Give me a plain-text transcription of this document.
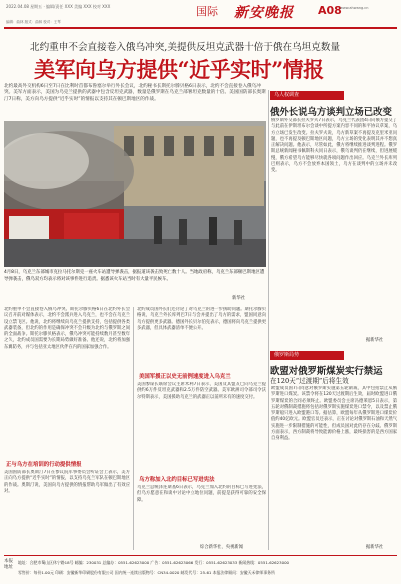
2022.04.08 星期五 · 编辑/责任 XXX 美编 XXX 校对 XXX	国际 新安晚报 A08
编辑：曲林 版式：曲林 校对：王琴
www.ahwang.cn
北约重申不会直接卷入俄乌冲突,美提供反坦克武器十倍于俄在乌坦克数量
美军向乌方提供“近乎实时”情报
北约最高外交机构6日至7日在比利时首都布鲁塞尔举行外长会议，北约秘书长斯托尔滕贝格6日表示，北约不会直接卷入俄乌冲突。美军方面表示，美国为乌克兰提供的武器中包含反坦克武器，数量是俄罗斯在乌克兰部署坦克数量的十倍。美国国防部长奥斯汀7日称，美方向乌方提供“近乎实时”的情报以支持其在顿巴斯地区的作战。
4月8日，乌克兰东部城市克拉马托尔斯克一座火车站遭导弹袭击，据报道该袭击致死亡数十人。当地政府称，乌克兰东部顿巴斯地区遭导弹袭击，俄乌双方均表示将对该事件进行追责。据悉该火车站当时有大量平民候车。
新华社
北约重申不会直接卷入俄乌冲突。斯托尔滕贝格6日在北约外长会议召开前对媒体表示，北约不会派兵进入乌克兰，也不会在乌克兰设立禁飞区。他说，北约将继续向乌克兰提供支持，包括提供各类武器装备，但北约的作用是确保冲突不会升级为北约与俄罗斯之间的全面战争。斯托尔滕贝格表示，俄乌冲突可能持续数月甚至数年之久，北约成员国需要为长期局势做好准备。他还说，北约将加强东翼防务，并与包括亚太地区伙伴在内的国家加强合作。
正与乌方在培训的行动提供情报
美国国防部长奥斯汀7日在参议院军事委员会听证会上表示，美方正向乌方提供“近乎实时”的情报，以支持乌克兰军队在顿巴斯地区的作战。奥斯汀说，美国向乌方提供的情报帮助乌军做出了有效应对。
北约成员国外长们还讨论了对乌克兰的进一步援助问题。斯托尔滕贝格说，乌克兰外长库列巴7日与会并提出了乌方的需求，盟国同意向乌方提供更多武器。德国外长贝尔伯克表示，德国将向乌克兰提供更多武器，但具体武器清单不便公开。
美国军援正以史无前例速度进入乌克兰
美国参谋长联席会议主席米利7日表示，美国及其盟友已向乌克兰提供约6万件反坦克武器和2.5万件防空武器。美军欧洲司令部司令沃尔特斯表示，美国援助乌克兰的武器正以前所未有的速度交付。
乌方称加入北约目标已写进宪法
乌克兰总统泽连斯基6日表示，乌克兰加入北约的目标已写进宪法，但乌方愿意在和谈中讨论中立地位问题，前提是获得可靠的安全保障。
综合新华社、央视新闻
乌人权调查
俄外长说乌方谈判立场已改变
俄罗斯外交部长拉夫罗夫7日表示，乌克兰代表团4日向俄方提交了与此前在伊斯坦布尔会谈中所提方案内容不同的和平协议草案，乌方立场已发生改变。拉夫罗夫说，乌方新草案不再提及克里米亚问题，也不再提及顿巴斯地区问题，乌方立场的变化表明其并不想真正解决问题。他表示，尽管如此，俄方将继续推进谈判进程。俄罗斯总统新闻秘书佩斯科夫同日表示，俄乌谈判仍在继续，但进展缓慢，俄方希望乌方能够尽快就各项问题作出回应。乌克兰外长库列巴则表示，乌方不会放弃本国领土，乌方在谈判中的立场并未改变。
据新华社
俄罗斯局势
欧盟对俄罗斯煤炭实行禁运
在120天“过渡期”后将生效
欧盟成员国7日同意对俄罗斯实施第五轮制裁，其中包括禁止从俄罗斯进口煤炭。该禁令将在120天过渡期后生效，届时欧盟进口俄罗斯煤炭的合同必须终止。欧盟委员会主席冯德莱恩5日表示，第五轮对俄制裁措施将包括对俄罗斯实施煤炭进口禁令，以及禁止俄罗斯船只进入欧盟港口等。据估算，欧盟每年从俄罗斯进口煤炭价值约40亿欧元。欧盟官员还表示，正在讨论对俄罗斯石油和天然气实施进一步限制措施的可能性，但成员国对此仍存在分歧。俄罗斯方面表示，西方制裁将导致能源价格上涨，最终损害的是西方国家自身利益。
据新华社
本报地址
地址：合肥市蜀山区休宁路18号 邮编：230031 总编办：0551-62623000 广告：0551-62623066 发行：0551-62623033 新闻热线：0551-62623000
零售价：每份1.00元 印刷：安徽新华印刷股份有限公司 国内统一连续出版物号：CN34-0020 邮发代号：25-61 本报法律顾问：安徽天禾律师事务所
